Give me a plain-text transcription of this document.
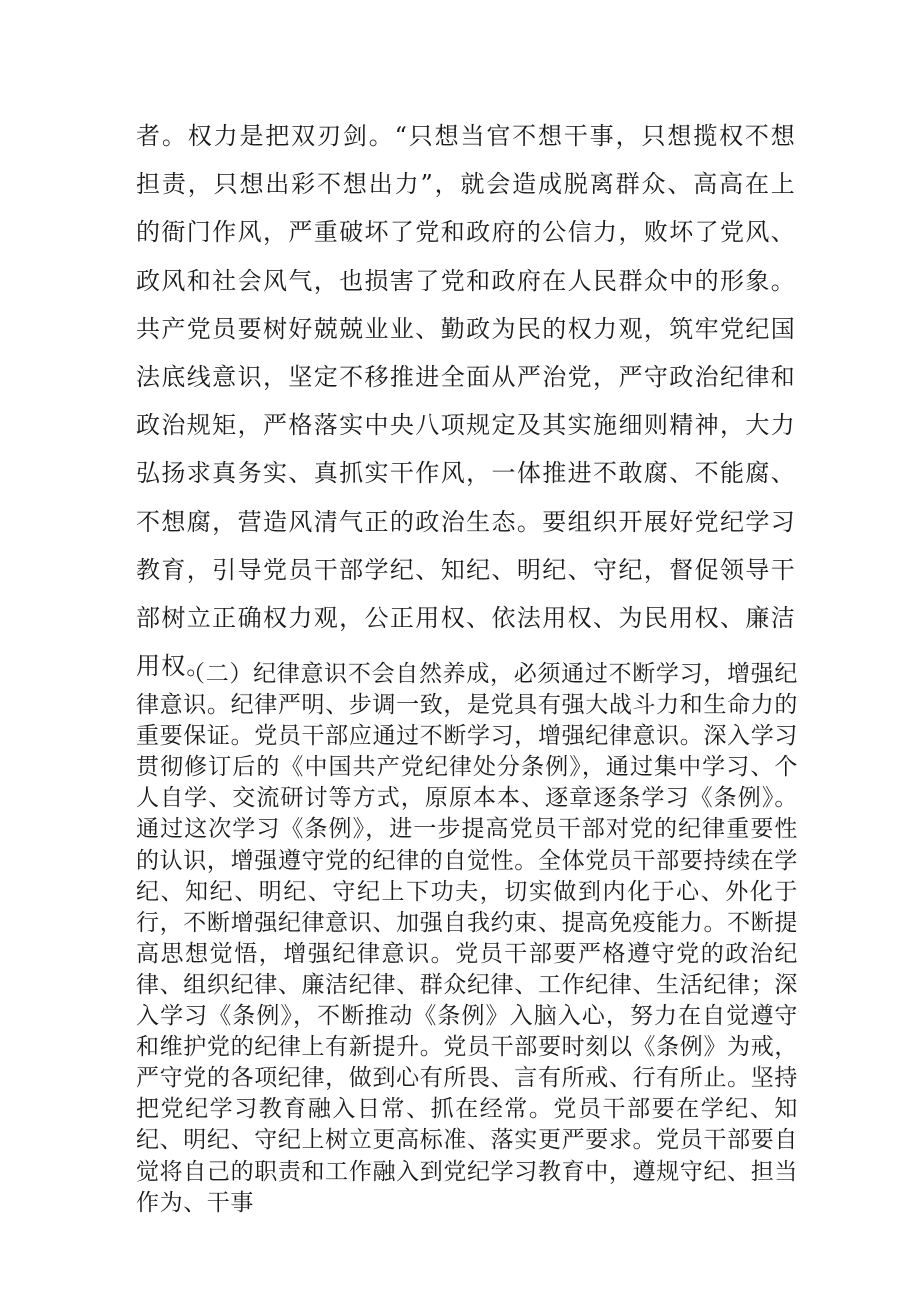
者。权力是把双刃剑。“只想当官不想干事，只想揽权不想担责，只想出彩不想出力”，就会造成脱离群众、高高在上的衙门作风，严重破坏了党和政府的公信力，败坏了党风、政风和社会风气，也损害了党和政府在人民群众中的形象。共产党员要树好兢兢业业、勤政为民的权力观，筑牢党纪国法底线意识，坚定不移推进全面从严治党，严守政治纪律和政治规矩，严格落实中央八项规定及其实施细则精神，大力弘扬求真务实、真抓实干作风，一体推进不敢腐、不能腐、不想腐，营造风清气正的政治生态。要组织开展好党纪学习教育，引导党员干部学纪、知纪、明纪、守纪，督促领导干部树立正确权力观，公正用权、依法用权、为民用权、廉洁用权。

（二）纪律意识不会自然养成，必须通过不断学习，增强纪律意识。纪律严明、步调一致，是党具有强大战斗力和生命力的重要保证。党员干部应通过不断学习，增强纪律意识。深入学习贯彻修订后的《中国共产党纪律处分条例》，通过集中学习、个人自学、交流研讨等方式，原原本本、逐章逐条学习《条例》。通过这次学习《条例》，进一步提高党员干部对党的纪律重要性的认识，增强遵守党的纪律的自觉性。全体党员干部要持续在学纪、知纪、明纪、守纪上下功夫，切实做到内化于心、外化于行，不断增强纪律意识、加强自我约束、提高免疫能力。不断提高思想觉悟，增强纪律意识。党员干部要严格遵守党的政治纪律、组织纪律、廉洁纪律、群众纪律、工作纪律、生活纪律；深入学习《条例》，不断推动《条例》入脑入心，努力在自觉遵守和维护党的纪律上有新提升。党员干部要时刻以《条例》为戒，严守党的各项纪律，做到心有所畏、言有所戒、行有所止。坚持把党纪学习教育融入日常、抓在经常。党员干部要在学纪、知纪、明纪、守纪上树立更高标准、落实更严要求。党员干部要自觉将自己的职责和工作融入到党纪学习教育中，遵规守纪、担当作为、干事
